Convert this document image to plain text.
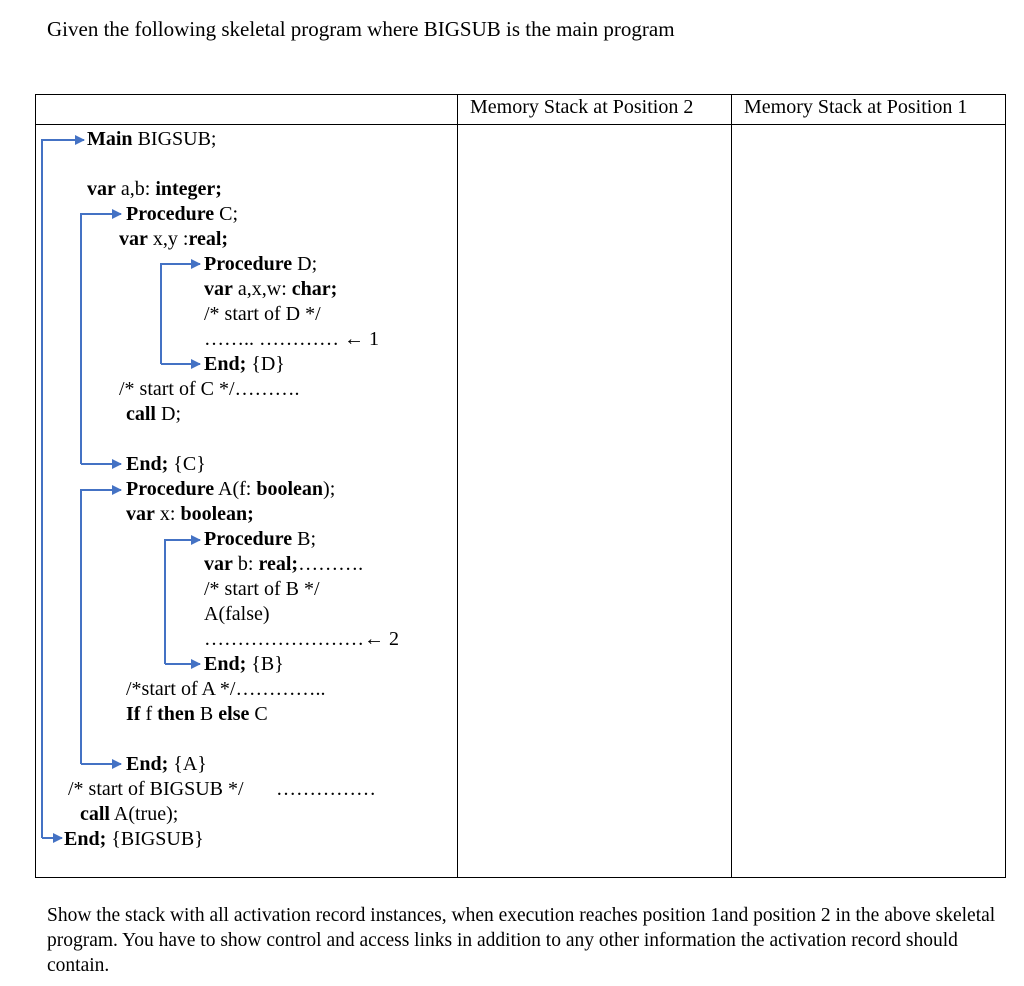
Given the following skeletal program where BIGSUB is the main program
Memory Stack at Position 2	Memory Stack at Position 1
Main BIGSUB;
var a,b: integer;
Procedure C;
var x,y :real;
Procedure D;
var a,x,w: char;
/* start of D */
…….. ………… ← 1
End; {D}
/* start of C */……….
call D;
End; {C}
Procedure A(f: boolean);
var x: boolean;
Procedure B;
var b: real;……….
/* start of B */
A(false)
……………………← 2
End; {B}
/*start of A */…………..
If f then B else C
End; {A}
/* start of BIGSUB */ ……………
call A(true);
End; {BIGSUB}
Show the stack with all activation record instances, when execution reaches position 1and position 2 in the above skeletal program. You have to show control and access links in addition to any other information the activation record should contain.
